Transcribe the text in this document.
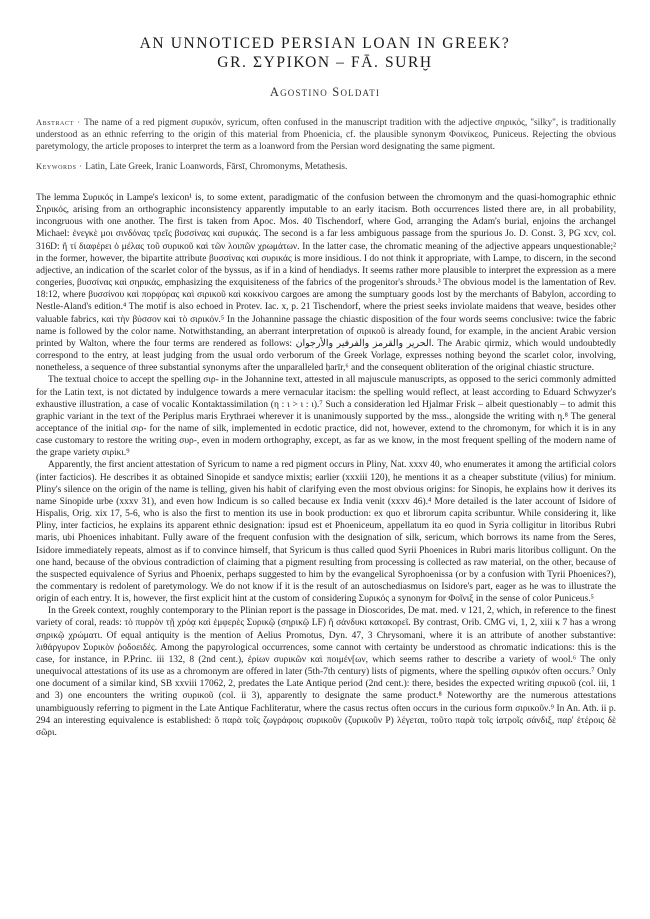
AN UNNOTICED PERSIAN LOAN IN GREEK?
GR. ΣΥΡΙΚΟΝ – FĀ. SURḪ
Agostino Soldati
Abstract · The name of a red pigment συρικόν, syricum, often confused in the manuscript tradition with the adjective σηρικός, "silky", is traditionally understood as an ethnic referring to the origin of this material from Phoenicia, cf. the plausible synonym Φοινίκεος, Puniceus. Rejecting the obvious paretymology, the article proposes to interpret the term as a loanword from the Persian word designating the same pigment.
Keywords · Latin, Late Greek, Iranic Loanwords, Fārsī, Chromonyms, Metathesis.

The lemma Συρικός in Lampe's lexicon¹ is, to some extent, paradigmatic of the confusion between the chromonym and the quasi-homographic ethnic Σηρικός, arising from an orthographic inconsistency apparently imputable to an early itacism. Both occurrences listed there are, in all probability, incongruous with one another. The first is taken from Apoc. Mos. 40 Tischendorf, where God, arranging the Adam's burial, enjoins the archangel Michael: ἐνεγκὲ μοι σινδόνας τρεῖς βυσσίνας καὶ συρικάς. The second is a far less ambiguous passage from the spurious Jo. D. Const. 3, PG xcv, col. 316D: ἤ τί διαφέρει ὁ μέλας τοῦ συρικοῦ καὶ τῶν λοιπῶν χρωμάτων. In the latter case, the chromatic meaning of the adjective appears unquestionable;² in the former, however, the bipartite attribute βυσσίνας καὶ συρικάς is more insidious. I do not think it appropriate, with Lampe, to discern, in the second adjective, an indication of the scarlet color of the byssus, as if in a kind of hendiadys. It seems rather more plausible to interpret the expression as a mere congeries, βυσσίνας καὶ σηρικάς, emphasizing the exquisiteness of the fabrics of the progenitor's shrouds.³ The obvious model is the lamentation of Rev. 18:12, where βυσσίνου καὶ πορφύρας καὶ σιρικοῦ καὶ κοκκίνου cargoes are among the sumptuary goods lost by the merchants of Babylon, according to Nestle-Aland's edition.⁴ The motif is also echoed in Protev. Iac. x, p. 21 Tischendorf, where the priest seeks inviolate maidens that weave, besides other valuable fabrics, καὶ τὴν βύσσον καὶ τὸ σιρικόν.⁵ In the Johannine passage the chiastic disposition of the four words seems conclusive: twice the fabric name is followed by the color name. Notwithstanding, an aberrant interpretation of σιρικοῦ is already found, for example, in the ancient Arabic version printed by Walton, where the four terms are rendered as follows: الحرير والقرمز والفرفير والأرجوان. The Arabic qirmiz, which would undoubtedly correspond to the entry, at least judging from the usual ordo verborum of the Greek Vorlage, expresses nothing beyond the scarlet color, involving, nonetheless, a sequence of three substantial synonyms after the unparalleled ḥarīr,⁶ and the consequent obliteration of the original chiastic structure.

The textual choice to accept the spelling σιρ- in the Johannine text, attested in all majuscule manuscripts, as opposed to the serici commonly admitted for the Latin text, is not dictated by indulgence towards a mere vernacular itacism: the spelling would reflect, at least according to Eduard Schwyzer's exhaustive illustration, a case of vocalic Kontaktassimilation (η : ι > ι : ι).⁷ Such a consideration led Hjalmar Frisk – albeit questionably – to admit this graphic variant in the text of the Periplus maris Erythraei wherever it is unanimously supported by the mss., alongside the writing with η.⁸ The general acceptance of the initial σιρ- for the name of silk, implemented in ecdotic practice, did not, however, extend to the chromonym, for which it is in any case customary to restore the writing συρ-, even in modern orthography, except, as far as we know, in the most frequent spelling of the modern name of the grape variety σιρίκι.⁹

Apparently, the first ancient attestation of Syricum to name a red pigment occurs in Pliny, Nat. xxxv 40, who enumerates it among the artificial colors (inter facticios). He describes it as obtained Sinopide et sandyce mixtis; earlier (xxxiii 120), he mentions it as a cheaper substitute (vilius) for minium. Pliny's silence on the origin of the name is telling, given his habit of clarifying even the most obvious origins: for Sinopis, he explains how it derives its name Sinopide urbe (xxxv 31), and even how Indicum is so called because ex India venit (xxxv 46).⁴ More detailed is the later account of Isidore of Hispalis, Orig. xix 17, 5-6, who is also the first to mention its use in book production: ex quo et librorum capita scribuntur. While considering it, like Pliny, inter facticios, he explains its apparent ethnic designation: ipsud est et Phoeniceum, appellatum ita eo quod in Syria colligitur in litoribus Rubri maris, ubi Phoenices inhabitant. Fully aware of the frequent confusion with the designation of silk, sericum, which borrows its name from the Seres, Isidore immediately repeats, almost as if to convince himself, that Syricum is thus called quod Syrii Phoenices in Rubri maris litoribus colligunt. On the one hand, because of the obvious contradiction of claiming that a pigment resulting from processing is collected as raw material, on the other, because of the suspected equivalence of Syrius and Phoenix, perhaps suggested to him by the evangelical Syrophoenissa (or by a confusion with Tyrii Phoenices?), the commentary is redolent of paretymology. We do not know if it is the result of an autoschediasmus on Isidore's part, eager as he was to illustrate the origin of each entry. It is, however, the first explicit hint at the custom of considering Συρικός a synonym for Φοῖνιξ in the sense of color Puniceus.⁵

In the Greek context, roughly contemporary to the Plinian report is the passage in Dioscorides, De mat. med. v 121, 2, which, in reference to the finest variety of coral, reads: τὸ πυρρὸν τῇ χρόᾳ καὶ ἐμφερὲς Συρικῷ (σηρικῷ LF) ἢ σάνδυκι κατακορεῖ. By contrast, Orib. CMG vi, 1, 2, xiii κ 7 has a wrong σηρικῷ χρώματι. Of equal antiquity is the mention of Aelius Promotus, Dyn. 47, 3 Chrysomani, where it is an attribute of another substantive: λιθάργυρον Συρικὸν ῥοδοειδές. Among the papyrological occurrences, some cannot with certainty be understood as chromatic indications: this is the case, for instance, in P.Princ. iii 132, 8 (2nd cent.), ἐρίων συρικῶν καὶ ποιμέν[ων, which seems rather to describe a variety of wool.⁶ The only unequivocal attestations of its use as a chromonym are offered in later (5th-7th century) lists of pigments, where the spelling σιρικόν often occurs.⁷ Only one document of a similar kind, SB xxviii 17062, 2, predates the Late Antique period (2nd cent.): there, besides the expected writing σιρικοῦ (col. iii, 1 and 3) one encounters the writing συρικοῦ (col. ii 3), apparently to designate the same product.⁸ Noteworthy are the numerous attestations unambiguously referring to pigment in the Late Antique Fachliteratur, where the casus rectus often occurs in the curious form σιρικοῦν.⁹ In An. Ath. ii p. 294 an interesting equivalence is established: ὃ παρὰ τοῖς ζωγράφοις συρικοῦν (ζυρικοῦν P) λέγεται, τοῦτο παρὰ τοῖς ἰατροῖς σάνδιξ, παρ' ἑτέροις δὲ σῶρι.
